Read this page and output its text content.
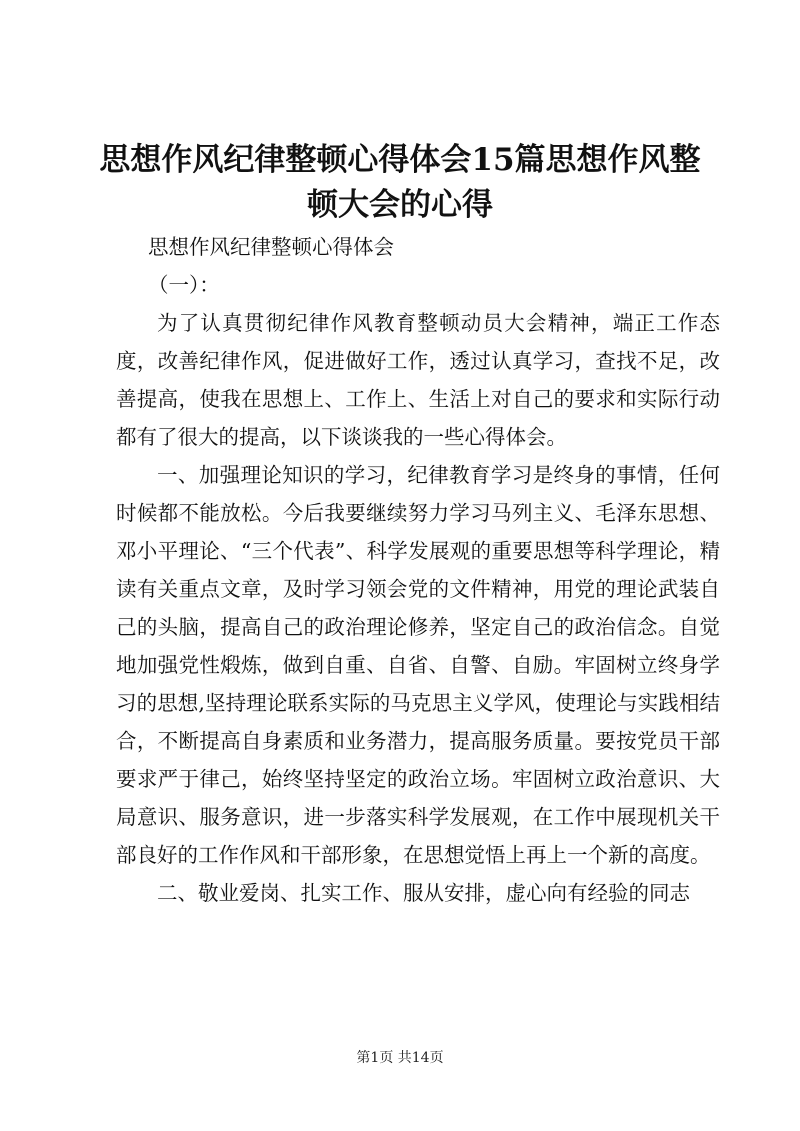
思想作风纪律整顿心得体会15篇思想作风整顿大会的心得

思想作风纪律整顿心得体会

（一）：

为了认真贯彻纪律作风教育整顿动员大会精神，端正工作态度，改善纪律作风，促进做好工作，透过认真学习，查找不足，改善提高，使我在思想上、工作上、生活上对自己的要求和实际行动都有了很大的提高，以下谈谈我的一些心得体会。

一、加强理论知识的学习，纪律教育学习是终身的事情，任何时候都不能放松。今后我要继续努力学习马列主义、毛泽东思想、邓小平理论、“三个代表”、科学发展观的重要思想等科学理论，精读有关重点文章，及时学习领会党的文件精神，用党的理论武装自己的头脑，提高自己的政治理论修养，坚定自己的政治信念。自觉地加强党性煅炼，做到自重、自省、自警、自励。牢固树立终身学习的思想,坚持理论联系实际的马克思主义学风，使理论与实践相结合，不断提高自身素质和业务潜力，提高服务质量。要按党员干部要求严于律己，始终坚持坚定的政治立场。牢固树立政治意识、大局意识、服务意识，进一步落实科学发展观，在工作中展现机关干部良好的工作作风和干部形象，在思想觉悟上再上一个新的高度。

二、敬业爱岗、扎实工作、服从安排，虚心向有经验的同志

第1页 共14页
